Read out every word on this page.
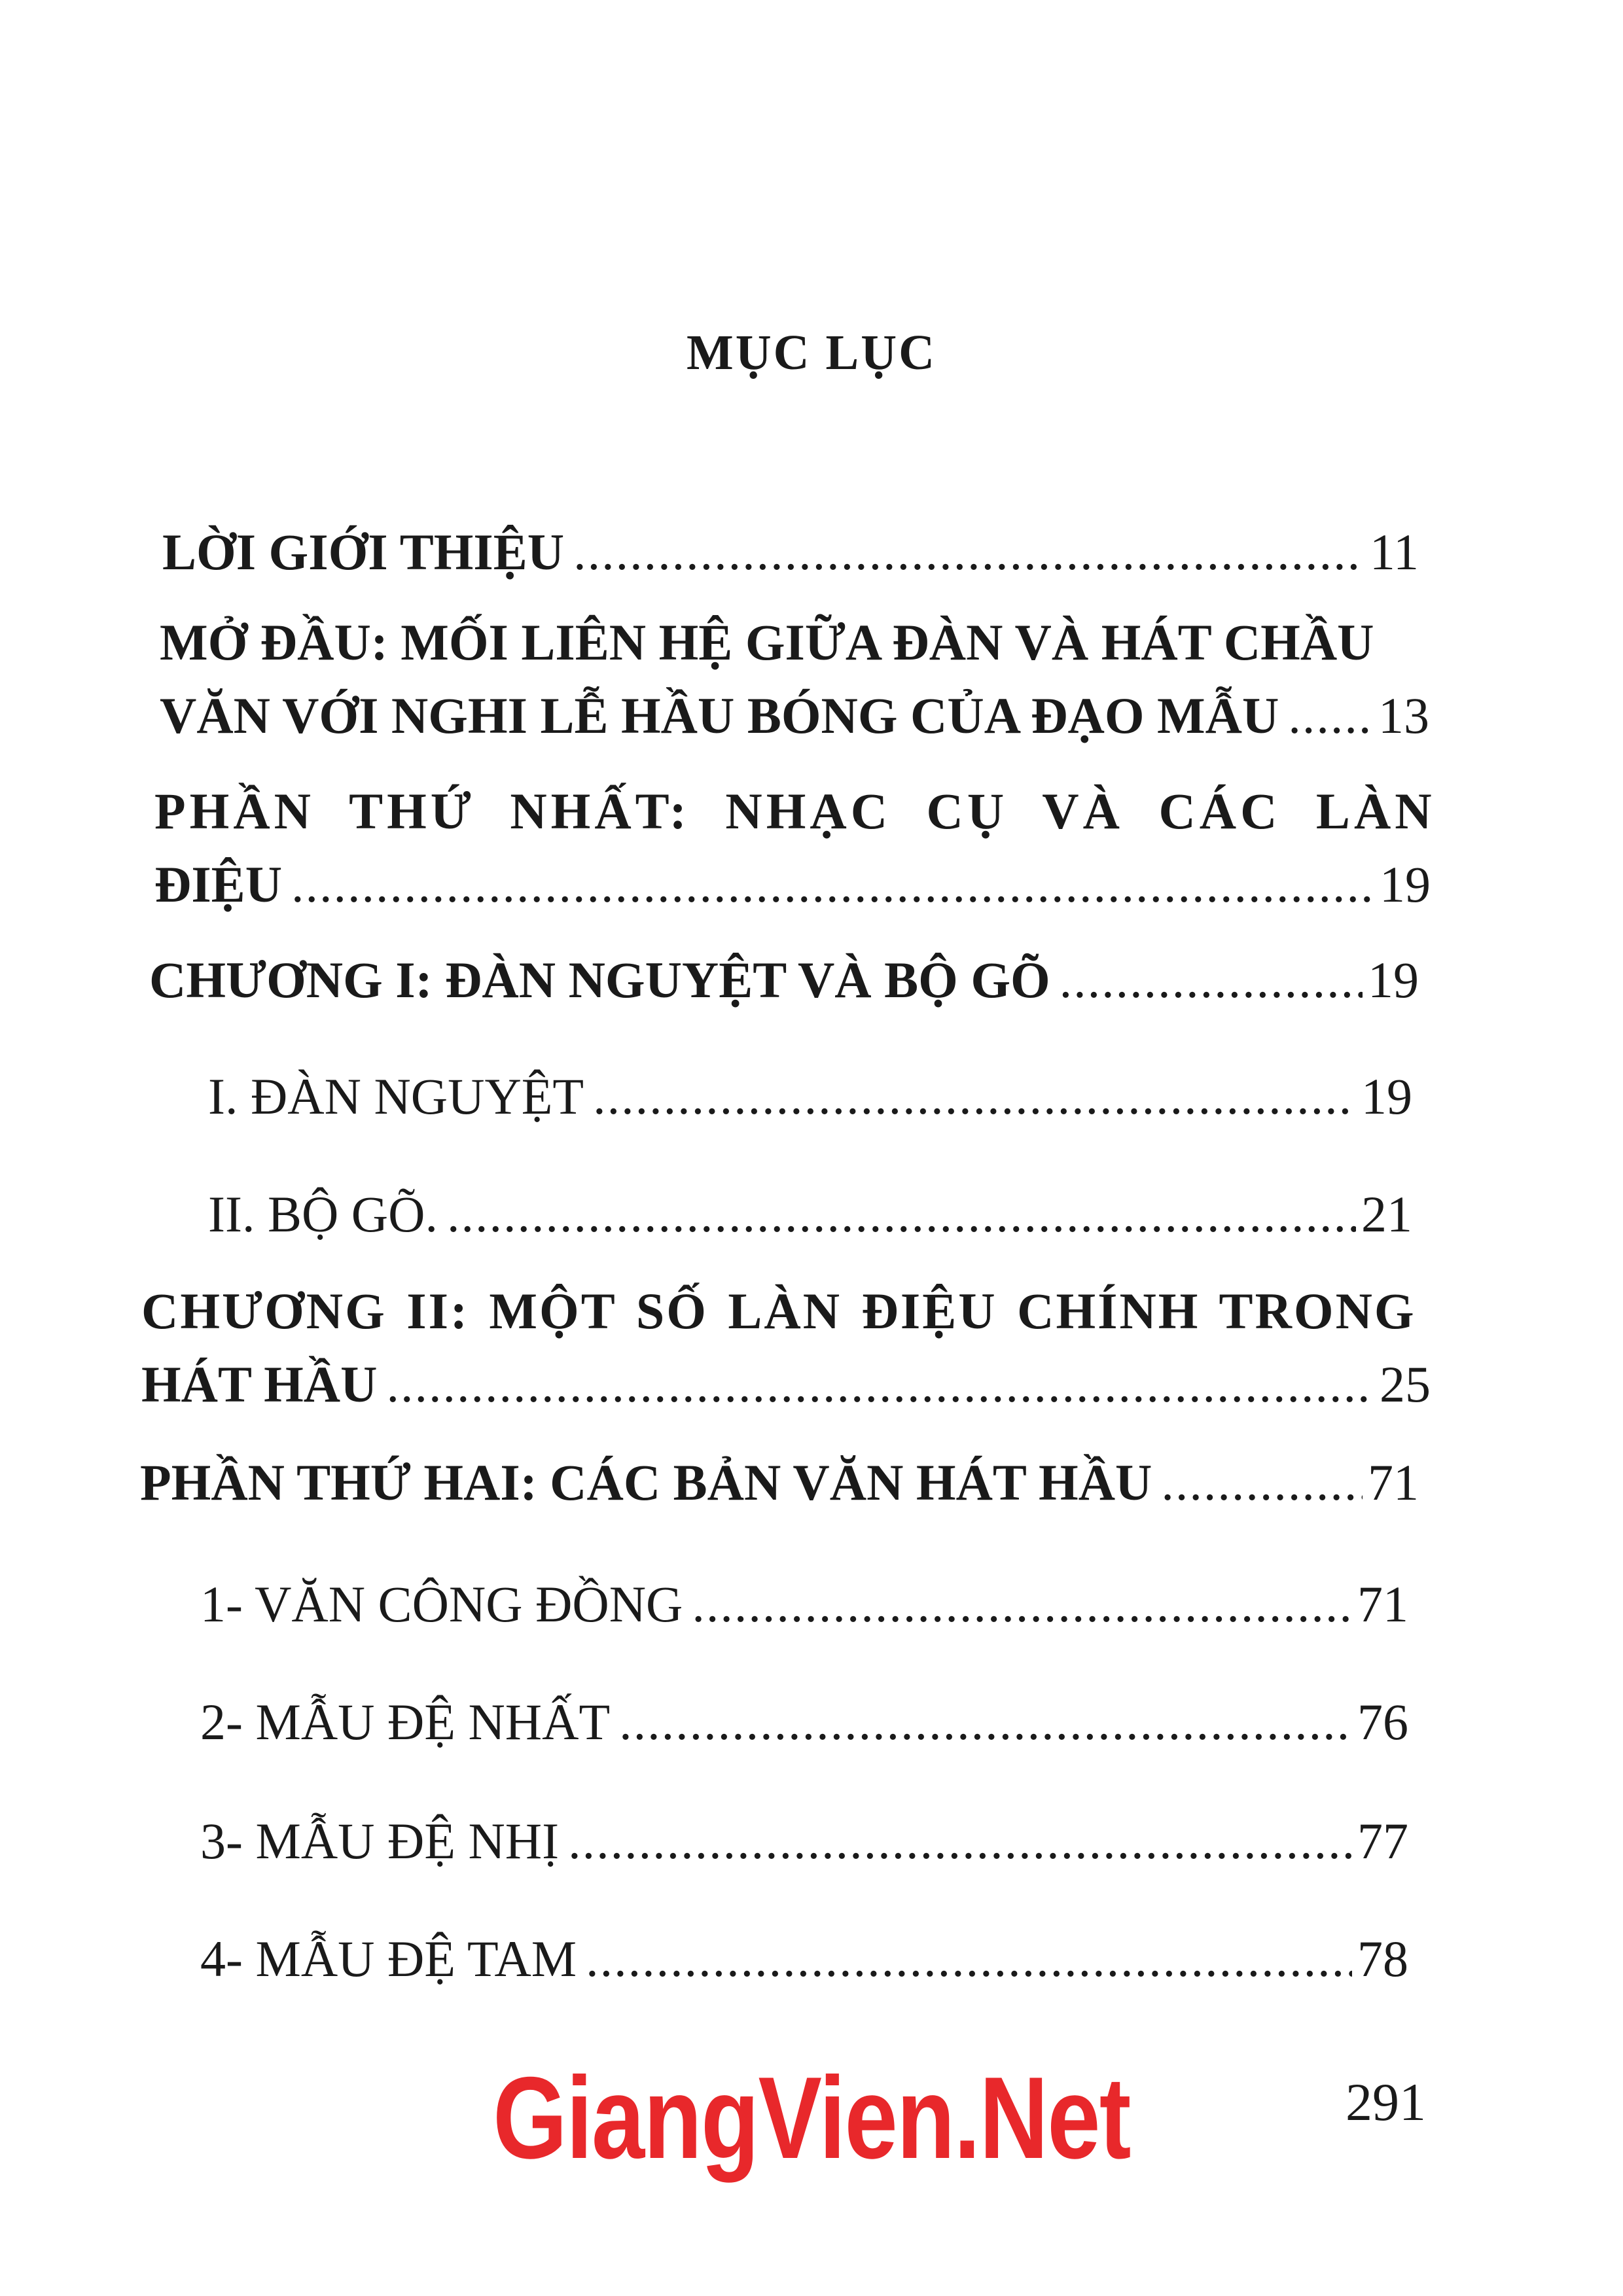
MỤC LỤC
LỜI GIỚI THIỆU .....	11
MỞ ĐẦU: MỐI LIÊN HỆ GIỮA ĐÀN VÀ HÁT CHẦU
VĂN VỚI NGHI LỄ HẦU BÓNG CỦA ĐẠO MẪU ..... 13
PHẦN THỨ NHẤT: NHẠC CỤ VÀ CÁC LÀN
ĐIỆU .....	19
CHƯƠNG I: ĐÀN NGUYỆT VÀ BỘ GÕ .....	19
I. ĐÀN NGUYỆT .....	19
II. BỘ GÕ. .....	21
CHƯƠNG II: MỘT SỐ LÀN ĐIỆU CHÍNH TRONG
HÁT HẦU .....	25
PHẦN THỨ HAI: CÁC BẢN VĂN HÁT HẦU .....	71
1- VĂN CÔNG ĐỒNG .....	71
2- MẪU ĐỆ NHẤT .....	76
3- MẪU ĐỆ NHỊ .....	77
4- MẪU ĐỆ TAM .....	78
GiangVien.Net	291
